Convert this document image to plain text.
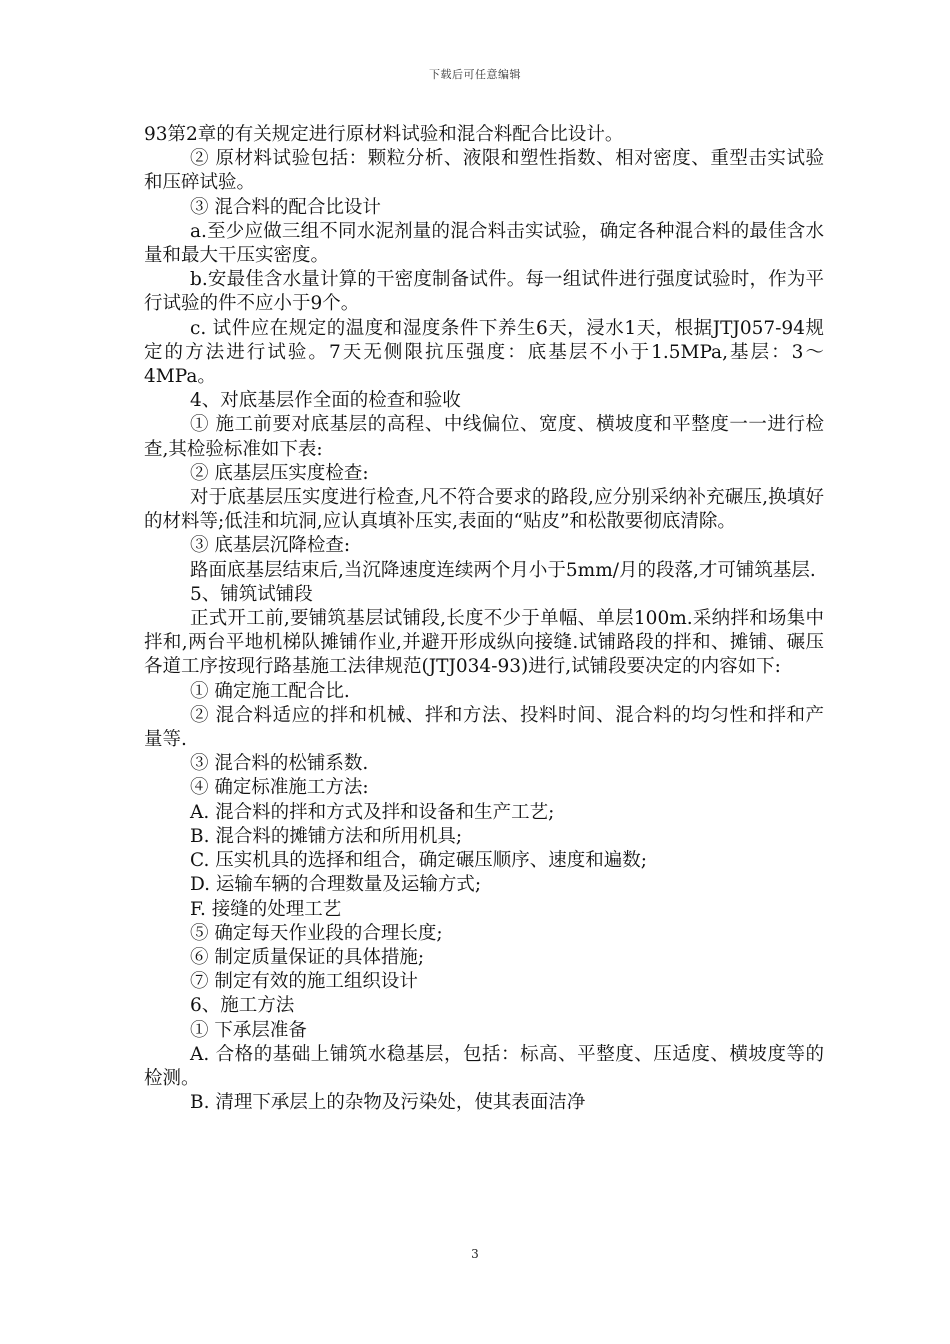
下载后可任意编辑

93第2章的有关规定进行原材料试验和混合料配合比设计。

② 原材料试验包括：颗粒分析、液限和塑性指数、相对密度、重型击实试验和压碎试验。

③ 混合料的配合比设计

a.至少应做三组不同水泥剂量的混合料击实试验，确定各种混合料的最佳含水量和最大干压实密度。

b.安最佳含水量计算的干密度制备试件。每一组试件进行强度试验时，作为平行试验的件不应小于9个。

c. 试件应在规定的温度和湿度条件下养生6天，浸水1天，根据JTJ057-94规定的方法进行试验。7天无侧限抗压强度：底基层不小于1.5MPa,基层：3～4MPa。

4、对底基层作全面的检查和验收

① 施工前要对底基层的高程、中线偏位、宽度、横坡度和平整度一一进行检查,其检验标准如下表:

② 底基层压实度检查:

对于底基层压实度进行检查,凡不符合要求的路段,应分别采纳补充碾压,换填好的材料等;低洼和坑洞,应认真填补压实,表面的“贴皮”和松散要彻底清除。

③ 底基层沉降检查:

路面底基层结束后,当沉降速度连续两个月小于5mm/月的段落,才可铺筑基层.

5、铺筑试铺段

正式开工前,要铺筑基层试铺段,长度不少于单幅、单层100m.采纳拌和场集中拌和,两台平地机梯队摊铺作业,并避开形成纵向接缝.试铺路段的拌和、摊铺、碾压各道工序按现行路基施工法律规范(JTJ034-93)进行,试铺段要决定的内容如下:

① 确定施工配合比.

② 混合料适应的拌和机械、拌和方法、投料时间、混合料的均匀性和拌和产量等.

③ 混合料的松铺系数.

④ 确定标准施工方法:

A. 混合料的拌和方式及拌和设备和生产工艺;

B. 混合料的摊铺方法和所用机具;

C. 压实机具的选择和组合，确定碾压顺序、速度和遍数;

D. 运输车辆的合理数量及运输方式;

F. 接缝的处理工艺

⑤ 确定每天作业段的合理长度;

⑥ 制定质量保证的具体措施;

⑦ 制定有效的施工组织设计

6、施工方法

① 下承层准备

A. 合格的基础上铺筑水稳基层，包括：标高、平整度、压适度、横坡度等的检测。

B. 清理下承层上的杂物及污染处，使其表面洁净

3
